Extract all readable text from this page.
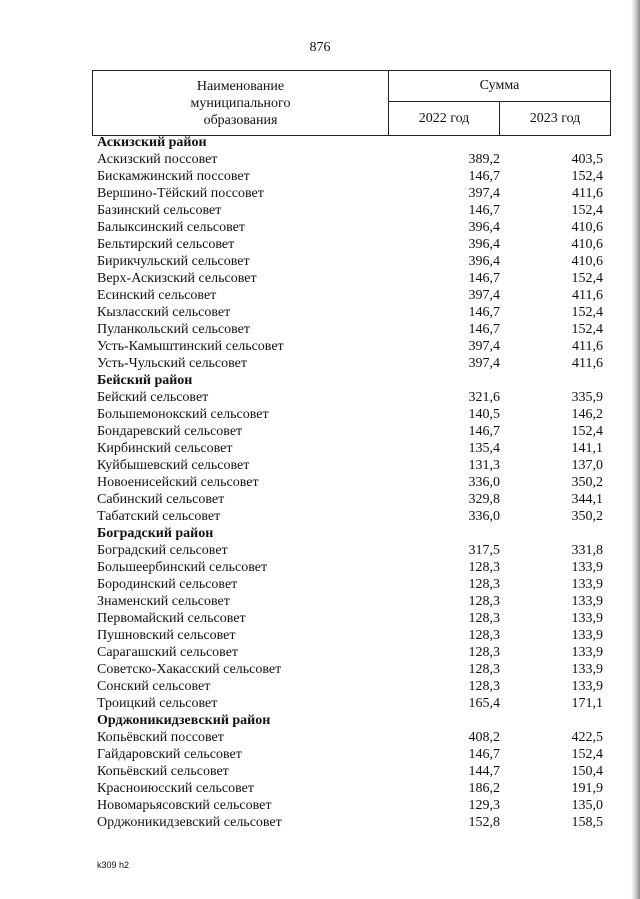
876
Наименование
муниципального
образования
Сумма
2022 год	2023 год
Аскизский район
Аскизский поссовет	389,2	403,5
Бискамжинский поссовет	146,7	152,4
Вершино-Тёйский поссовет	397,4	411,6
Базинский сельсовет	146,7	152,4
Балыксинский сельсовет	396,4	410,6
Бельтирский сельсовет	396,4	410,6
Бирикчульский сельсовет	396,4	410,6
Верх-Аскизский сельсовет	146,7	152,4
Есинский сельсовет	397,4	411,6
Кызласский сельсовет	146,7	152,4
Пуланкольский сельсовет	146,7	152,4
Усть-Камыштинский сельсовет	397,4	411,6
Усть-Чульский сельсовет	397,4	411,6
Бейский район
Бейский сельсовет	321,6	335,9
Большемонокский сельсовет	140,5	146,2
Бондаревский сельсовет	146,7	152,4
Кирбинский сельсовет	135,4	141,1
Куйбышевский сельсовет	131,3	137,0
Новоенисейский сельсовет	336,0	350,2
Сабинский сельсовет	329,8	344,1
Табатский сельсовет	336,0	350,2
Боградский район
Боградский сельсовет	317,5	331,8
Большеербинский сельсовет	128,3	133,9
Бородинский сельсовет	128,3	133,9
Знаменский сельсовет	128,3	133,9
Первомайский сельсовет	128,3	133,9
Пушновский сельсовет	128,3	133,9
Сарагашский сельсовет	128,3	133,9
Советско-Хакасский сельсовет	128,3	133,9
Сонский сельсовет	128,3	133,9
Троицкий сельсовет	165,4	171,1
Орджоникидзевский район
Копьёвский поссовет	408,2	422,5
Гайдаровский сельсовет	146,7	152,4
Копьёвский сельсовет	144,7	150,4
Красноиюсский сельсовет	186,2	191,9
Новомарьясовский сельсовет	129,3	135,0
Орджоникидзевский сельсовет	152,8	158,5
k309 h2
